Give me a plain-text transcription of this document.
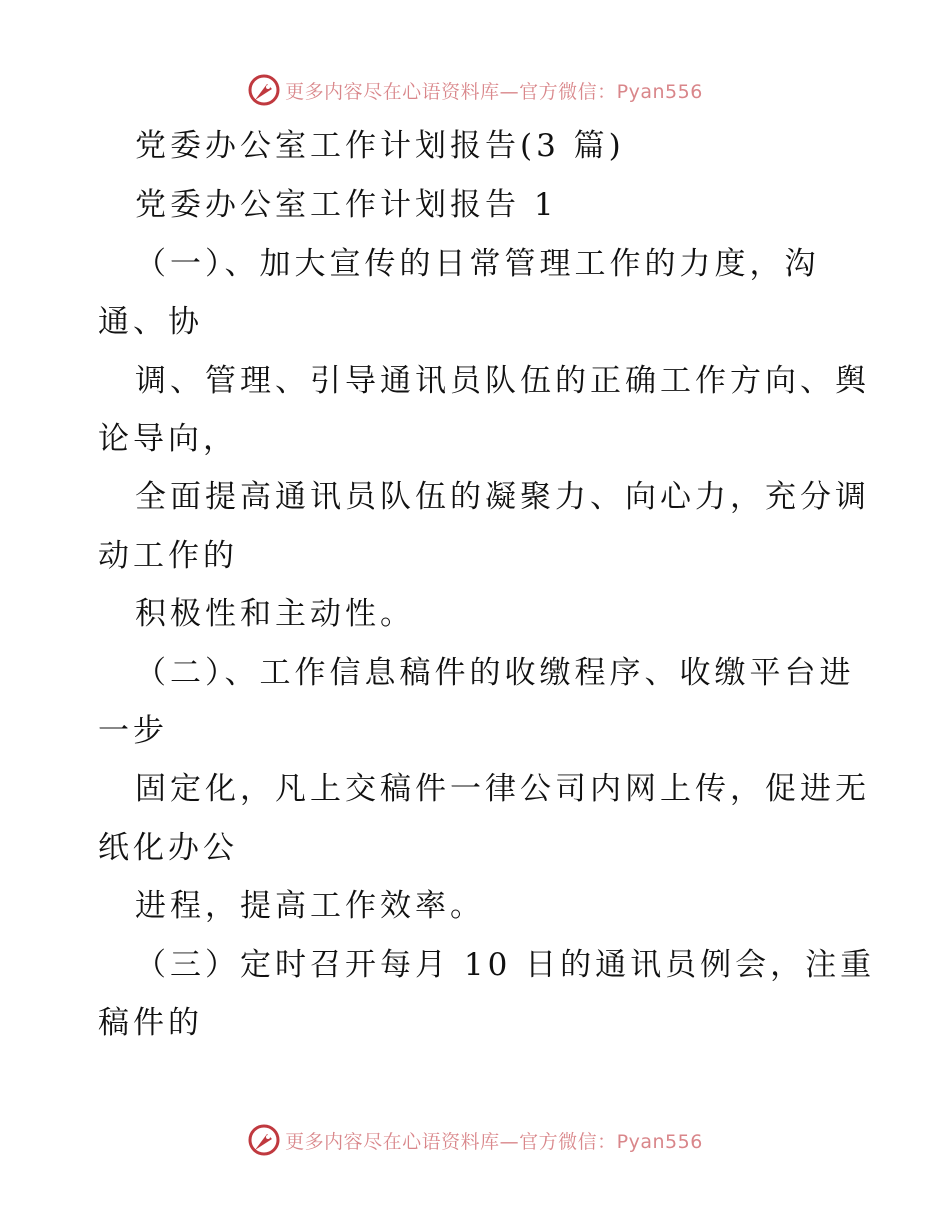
更多内容尽在心语资料库—官方微信：Pyan556
党委办公室工作计划报告(3 篇)
党委办公室工作计划报告 1
（一）、加大宣传的日常管理工作的力度，沟
通、协
调、管理、引导通讯员队伍的正确工作方向、舆
论导向，
全面提高通讯员队伍的凝聚力、向心力，充分调
动工作的
积极性和主动性。
（二）、工作信息稿件的收缴程序、收缴平台进
一步
固定化，凡上交稿件一律公司内网上传，促进无
纸化办公
进程，提高工作效率。
（三）定时召开每月 10 日的通讯员例会，注重
稿件的
更多内容尽在心语资料库—官方微信：Pyan556
